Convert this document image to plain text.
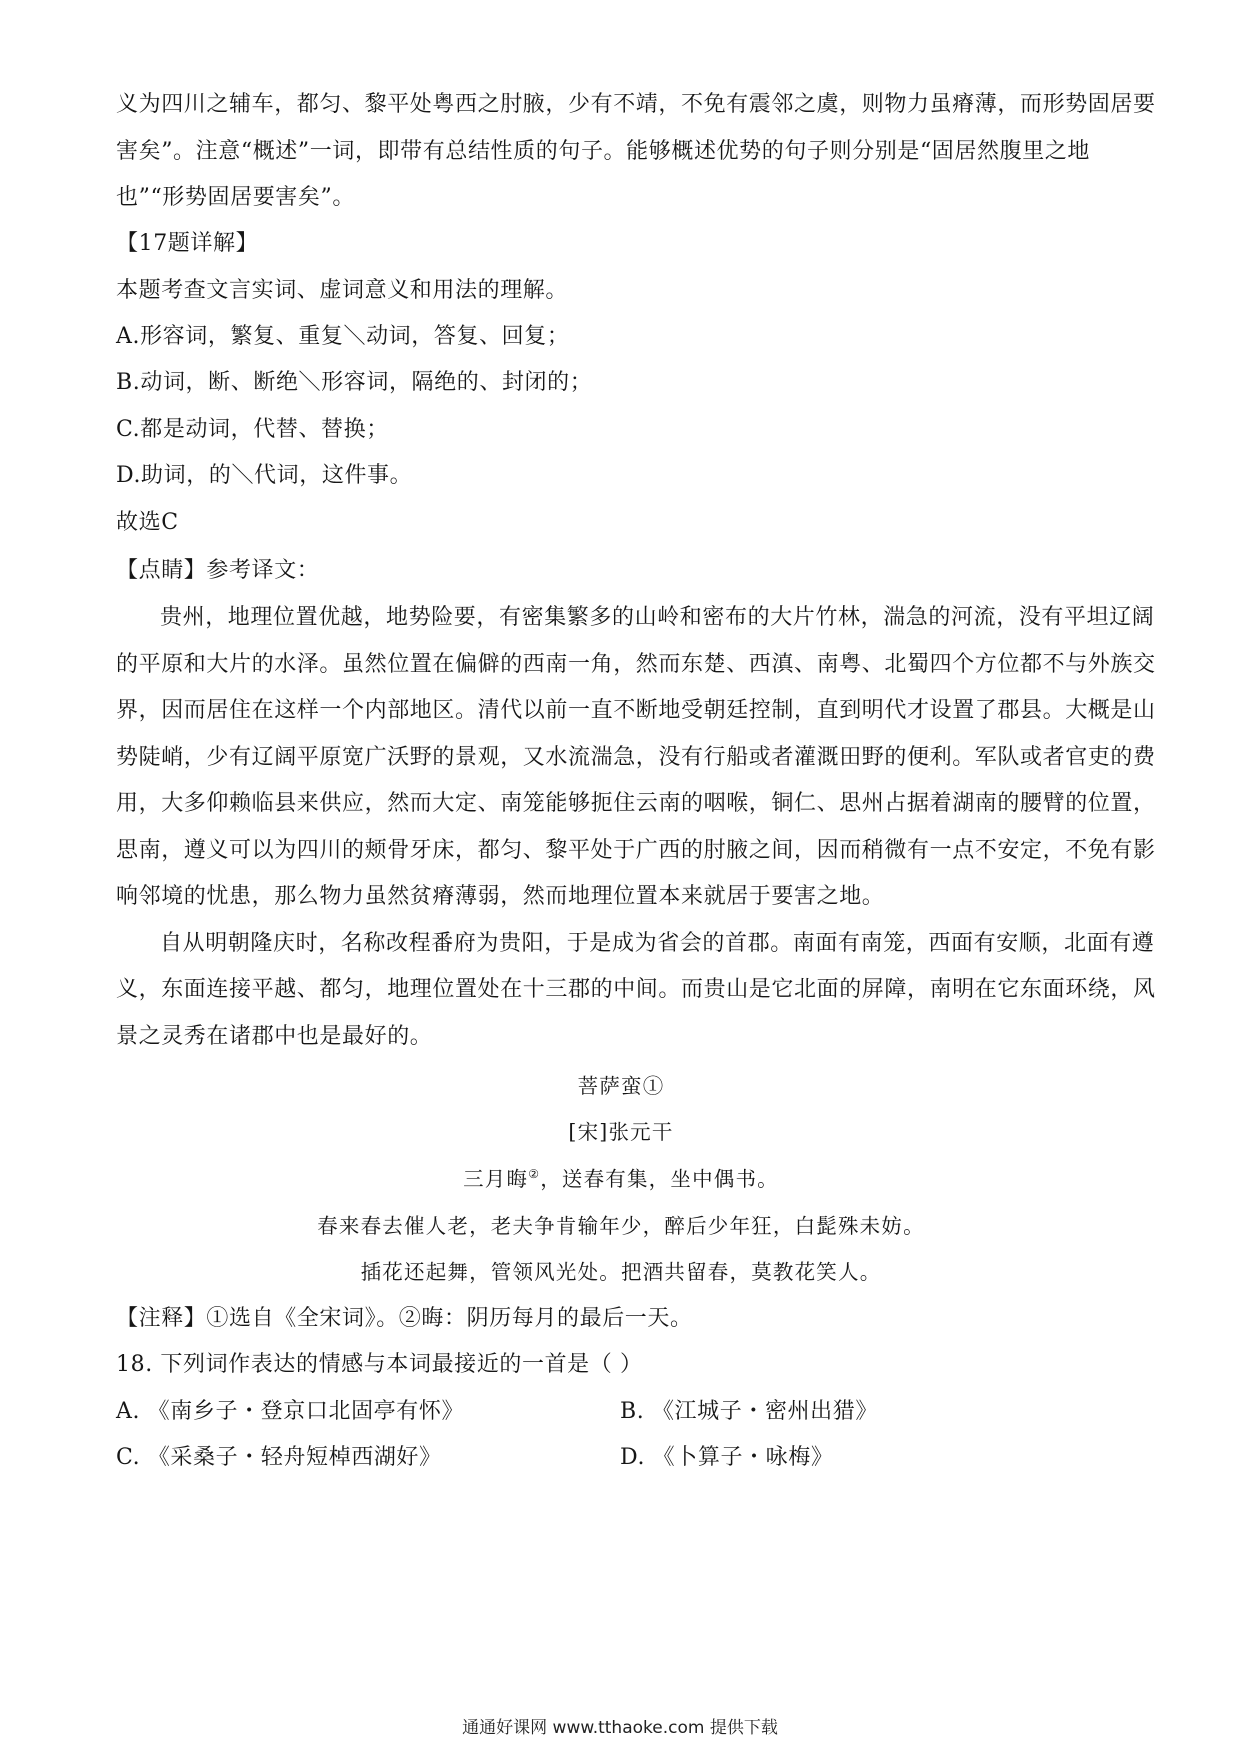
义为四川之辅车，都匀、黎平处粤西之肘腋，少有不靖，不免有震邻之虞，则物力虽瘠薄，而形势固居要
害矣”。注意“概述”一词，即带有总结性质的句子。能够概述优势的句子则分别是“固居然腹里之地
也”“形势固居要害矣”。
【17题详解】
本题考查文言实词、虚词意义和用法的理解。
A.形容词，繁复、重复＼动词，答复、回复；
B.动词，断、断绝＼形容词，隔绝的、封闭的；
C.都是动词，代替、替换；
D.助词，的＼代词，这件事。
故选C
【点睛】参考译文：
贵州，地理位置优越，地势险要，有密集繁多的山岭和密布的大片竹林，湍急的河流，没有平坦辽阔
的平原和大片的水泽。虽然位置在偏僻的西南一角，然而东楚、西滇、南粤、北蜀四个方位都不与外族交
界，因而居住在这样一个内部地区。清代以前一直不断地受朝廷控制，直到明代才设置了郡县。大概是山
势陡峭，少有辽阔平原宽广沃野的景观，又水流湍急，没有行船或者灌溉田野的便利。军队或者官吏的费
用，大多仰赖临县来供应，然而大定、南笼能够扼住云南的咽喉，铜仁、思州占据着湖南的腰臂的位置，
思南，遵义可以为四川的颊骨牙床，都匀、黎平处于广西的肘腋之间，因而稍微有一点不安定，不免有影
响邻境的忧患，那么物力虽然贫瘠薄弱，然而地理位置本来就居于要害之地。
自从明朝隆庆时，名称改程番府为贵阳，于是成为省会的首郡。南面有南笼，西面有安顺，北面有遵
义，东面连接平越、都匀，地理位置处在十三郡的中间。而贵山是它北面的屏障，南明在它东面环绕，风
景之灵秀在诸郡中也是最好的。
菩萨蛮①
[宋]张元干
三月晦②，送春有集，坐中偶书。
春来春去催人老，老夫争肯输年少，醉后少年狂，白髭殊未妨。
插花还起舞，管领风光处。把酒共留春，莫教花笑人。
【注释】①选自《全宋词》。②晦：阴历每月的最后一天。
18. 下列词作表达的情感与本词最接近的一首是（ ）
A. 《南乡子・登京口北固亭有怀》	B. 《江城子・密州出猎》
C. 《采桑子・轻舟短棹西湖好》	D. 《卜算子・咏梅》
通通好课网 www.tthaoke.com 提供下载
